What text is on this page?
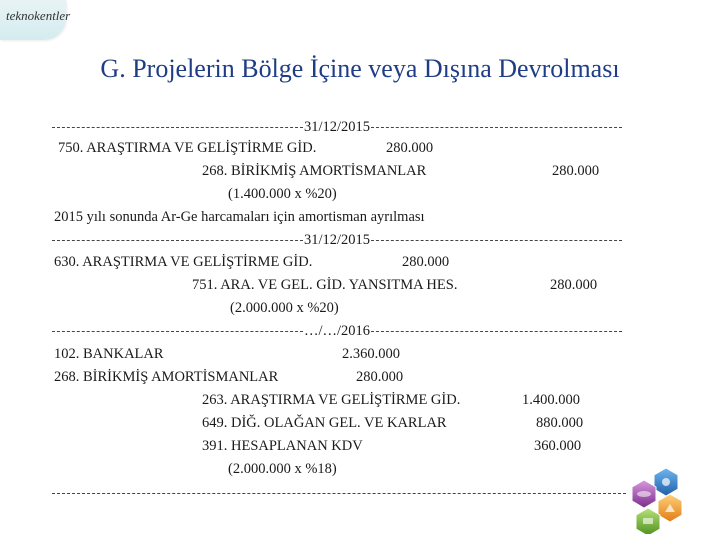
teknokentler
G. Projelerin Bölge İçine veya Dışına Devrolması
31/12/2015
750. ARAŞTIRMA VE GELİŞTİRME GİD.	280.000
268. BİRİKMİŞ AMORTİSMANLAR	280.000
(1.400.000 x %20)
2015 yılı sonunda Ar-Ge harcamaları için amortisman ayrılması
31/12/2015
630. ARAŞTIRMA VE GELİŞTİRME GİD.	280.000
751. ARA. VE GEL. GİD. YANSITMA HES.	280.000
(2.000.000 x %20)
…/…/2016
102. BANKALAR	2.360.000
268. BİRİKMİŞ AMORTİSMANLAR	280.000
263. ARAŞTIRMA VE GELİŞTİRME GİD.	1.400.000
649. DİĞ. OLAĞAN GEL. VE KARLAR	880.000
391. HESAPLANAN KDV	360.000
(2.000.000 x %18)
